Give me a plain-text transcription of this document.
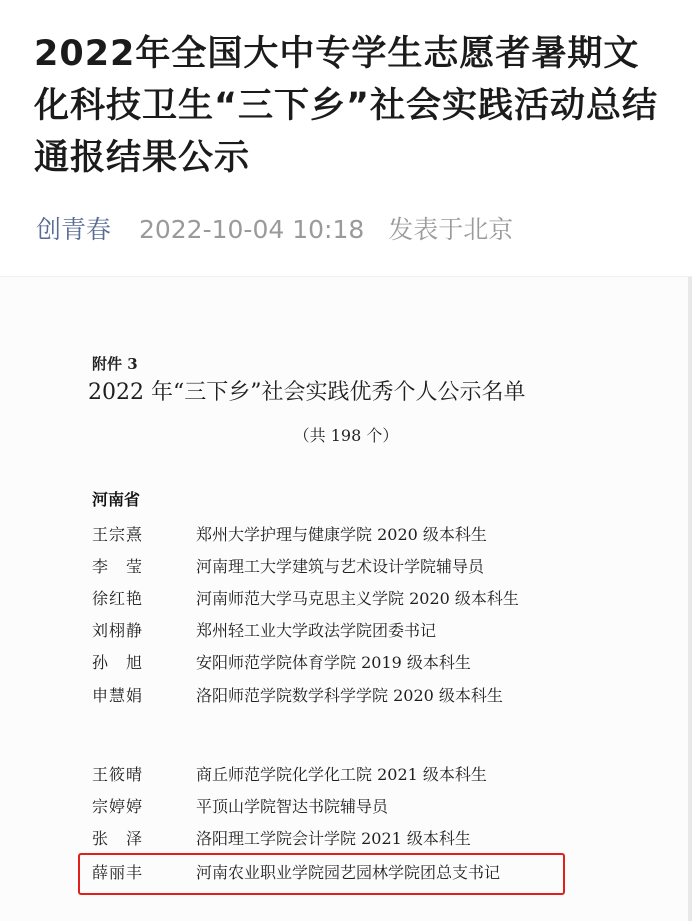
2022年全国大中专学生志愿者暑期文化科技卫生“三下乡”社会实践活动总结通报结果公示
创青春 2022-10-04 10:18 发表于北京
附件 3
2022 年“三下乡”社会实践优秀个人公示名单
（共 198 个）
河南省
王宗熹	郑州大学护理与健康学院 2020 级本科生
李　莹	河南理工大学建筑与艺术设计学院辅导员
徐红艳	河南师范大学马克思主义学院 2020 级本科生
刘栩静	郑州轻工业大学政法学院团委书记
孙　旭	安阳师范学院体育学院 2019 级本科生
申慧娟	洛阳师范学院数学科学学院 2020 级本科生
王筱晴	商丘师范学院化学化工院 2021 级本科生
宗婷婷	平顶山学院智达书院辅导员
张　泽	洛阳理工学院会计学院 2021 级本科生
薛丽丰	河南农业职业学院园艺园林学院团总支书记
